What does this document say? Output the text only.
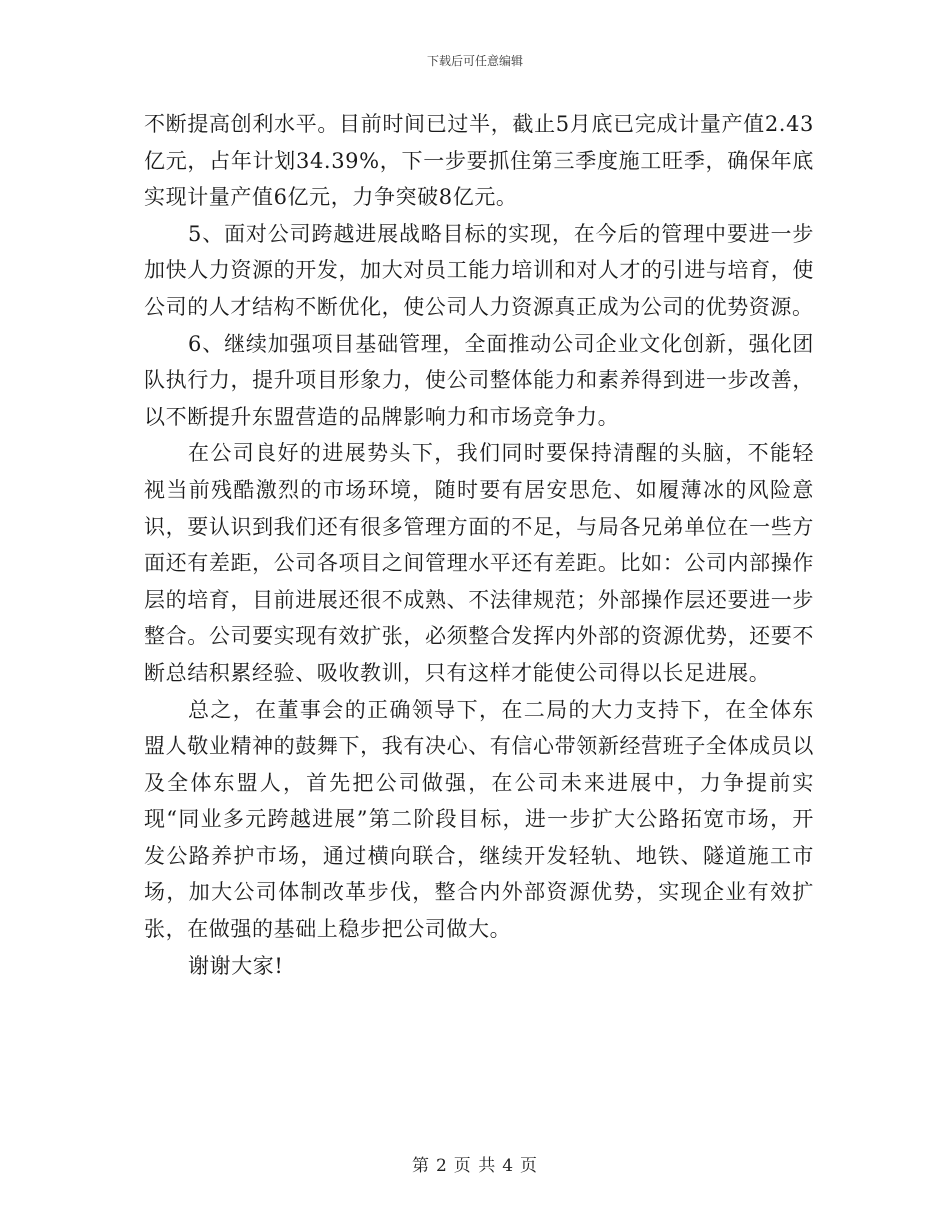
下载后可任意编辑

不断提高创利水平。目前时间已过半，截止5月底已完成计量产值2.43亿元，占年计划34.39%，下一步要抓住第三季度施工旺季，确保年底实现计量产值6亿元，力争突破8亿元。

5、面对公司跨越进展战略目标的实现，在今后的管理中要进一步加快人力资源的开发，加大对员工能力培训和对人才的引进与培育，使公司的人才结构不断优化，使公司人力资源真正成为公司的优势资源。

6、继续加强项目基础管理，全面推动公司企业文化创新，强化团队执行力，提升项目形象力，使公司整体能力和素养得到进一步改善，以不断提升东盟营造的品牌影响力和市场竞争力。

在公司良好的进展势头下，我们同时要保持清醒的头脑，不能轻视当前残酷激烈的市场环境，随时要有居安思危、如履薄冰的风险意识，要认识到我们还有很多管理方面的不足，与局各兄弟单位在一些方面还有差距，公司各项目之间管理水平还有差距。比如：公司内部操作层的培育，目前进展还很不成熟、不法律规范；外部操作层还要进一步整合。公司要实现有效扩张，必须整合发挥内外部的资源优势，还要不断总结积累经验、吸收教训，只有这样才能使公司得以长足进展。

总之，在董事会的正确领导下，在二局的大力支持下，在全体东盟人敬业精神的鼓舞下，我有决心、有信心带领新经营班子全体成员以及全体东盟人，首先把公司做强，在公司未来进展中，力争提前实现“同业多元跨越进展”第二阶段目标，进一步扩大公路拓宽市场，开发公路养护市场，通过横向联合，继续开发轻轨、地铁、隧道施工市场，加大公司体制改革步伐，整合内外部资源优势，实现企业有效扩张，在做强的基础上稳步把公司做大。

谢谢大家!

第 2 页 共 4 页
